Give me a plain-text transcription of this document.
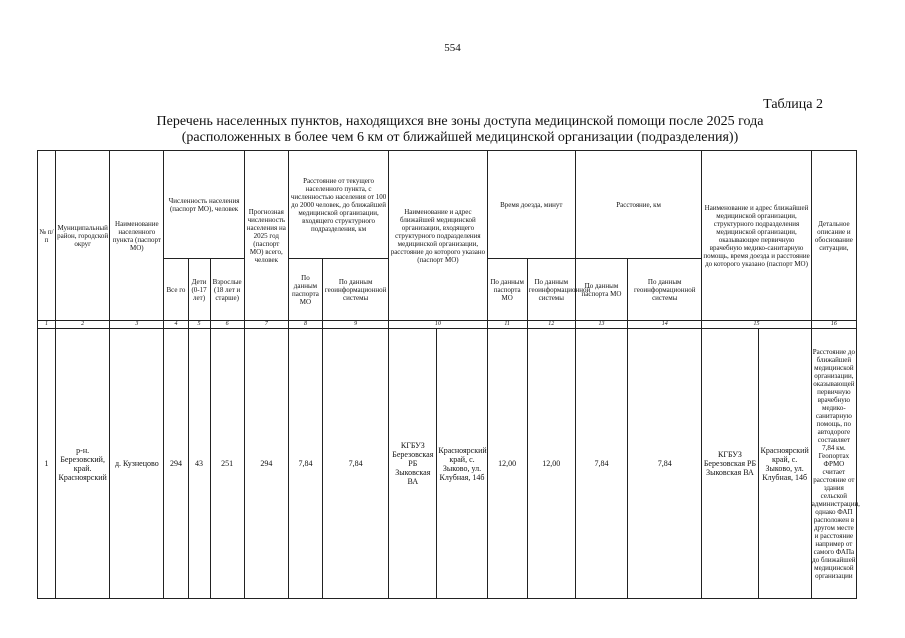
554
Таблица 2
Перечень населенных пунктов, находящихся вне зоны доступа медицинской помощи после 2025 года
(расположенных в более чем 6 км от ближайшей медицинской организации (подразделения))
№ п/ п	Муниципальный район, городской округ	Наименование населенного пункта (паспорт МО)	Численность населения (паспорт МО), человек			Прогнозная численность населения на 2025 год (паспорт МО) всего, человек	Расстояние от текущего населенного пункта, с численностью населения от 100 до 2000 человек, до ближайшей медицинской организации, входящего структурного подразделения, км		Наименование и адрес ближайшей медицинской организации, входящего структурного подразделения медицинской организации, расстояние до которого указано (паспорт МО)		Время доезда, минут		Расстояние, км		Наименование и адрес ближайшей медицинской организации, структурного подразделения медицинской организации, оказывающее первичную врачебную медико-санитарную помощь, время доезда и расстояние до которого указано (паспорт МО)		Детальное описание и обоснование ситуации,
			Все го	Дети (0-17 лет)	Взрослые (18 лет и старше)		По данным паспорта МО	По данным геоинформационной системы			По данным паспорта МО	По данным геоинформационной системы	По данным паспорта МО	По данным геоинформационной системы			
1	2	3	4	5	6	7	8	9	10		11	12	13	14	15		16
1	р-н. Березовский, край. Красноярский	д. Кузнецово	294	43	251	294	7,84	7,84	КГБУЗ Березовская РБ Зыковская ВА	Красноярский край, с. Зыково, ул. Клубная, 14б	12,00	12,00	7,84	7,84	КГБУЗ Березовская РБ Зыковская ВА	Красноярский край, с. Зыково, ул. Клубная, 14б	Расстояние до ближайшей медицинской организации, оказывающей первичную врачебную медико-санитарную помощь, по автодороге составляет 7,84 км. Геопортах ФРМО считает расстояние от здания сельской администрации, однако ФАП расположен в другом месте и расстояние например от самого ФАПа до ближайшей медицинской организации
